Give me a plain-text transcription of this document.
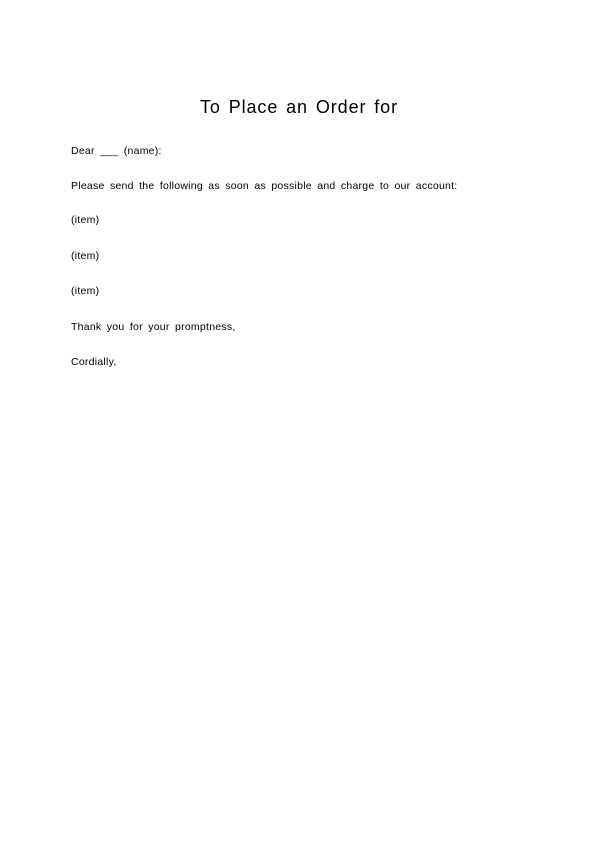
To Place an Order for
Dear ___ (name):
Please send the following as soon as possible and charge to our account:
(item)
(item)
(item)
Thank you for your promptness,
Cordially,
